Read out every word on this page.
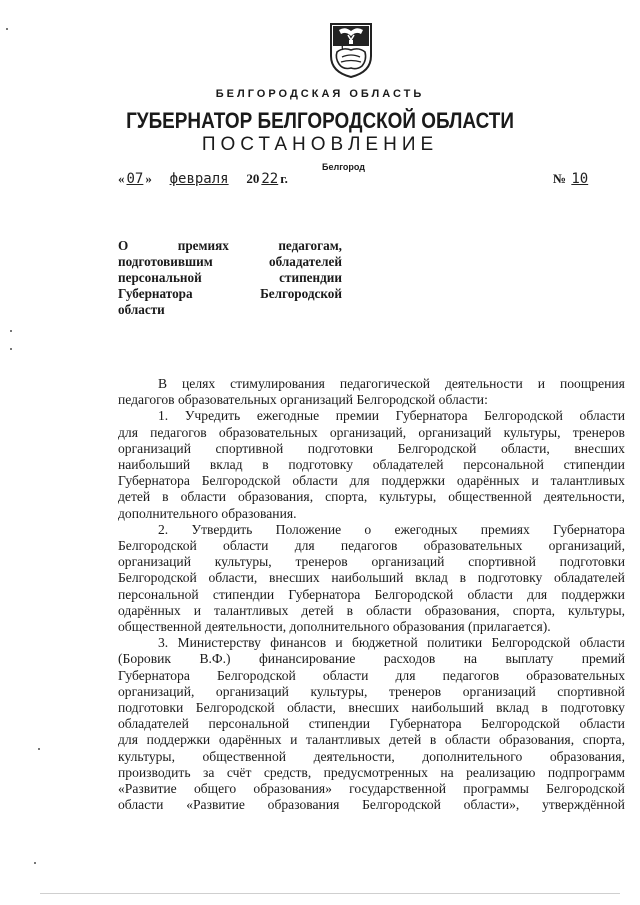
БЕЛГОРОДСКАЯ ОБЛАСТЬ
ГУБЕРНАТОР БЕЛГОРОДСКОЙ ОБЛАСТИ
ПОСТАНОВЛЕНИЕ
Белгород
« 07 » февраля 20 22 г.	№ 10
О	премиях	педагогам,
подготовившим	обладателей
персональной	стипендии
Губернатора	Белгородской
области
В целях стимулирования педагогической деятельности и поощрения
педагогов образовательных организаций Белгородской области:
1. Учредить ежегодные премии Губернатора Белгородской области
для педагогов образовательных организаций, организаций культуры, тренеров
организаций спортивной подготовки Белгородской области, внесших
наибольший вклад в подготовку обладателей персональной стипендии
Губернатора Белгородской области для поддержки одарённых и талантливых
детей в области образования, спорта, культуры, общественной деятельности,
дополнительного образования.
2. Утвердить Положение о ежегодных премиях Губернатора
Белгородской области для педагогов образовательных организаций,
организаций культуры, тренеров организаций спортивной подготовки
Белгородской области, внесших наибольший вклад в подготовку обладателей
персональной стипендии Губернатора Белгородской области для поддержки
одарённых и талантливых детей в области образования, спорта, культуры,
общественной деятельности, дополнительного образования (прилагается).
3. Министерству финансов и бюджетной политики Белгородской области
(Боровик В.Ф.) финансирование расходов на выплату премий
Губернатора Белгородской области для педагогов образовательных
организаций, организаций культуры, тренеров организаций спортивной
подготовки Белгородской области, внесших наибольший вклад в подготовку
обладателей персональной стипендии Губернатора Белгородской области
для поддержки одарённых и талантливых детей в области образования, спорта,
культуры, общественной деятельности, дополнительного образования,
производить за счёт средств, предусмотренных на реализацию подпрограмм
«Развитие общего образования» государственной программы Белгородской
области «Развитие образования Белгородской области», утверждённой
